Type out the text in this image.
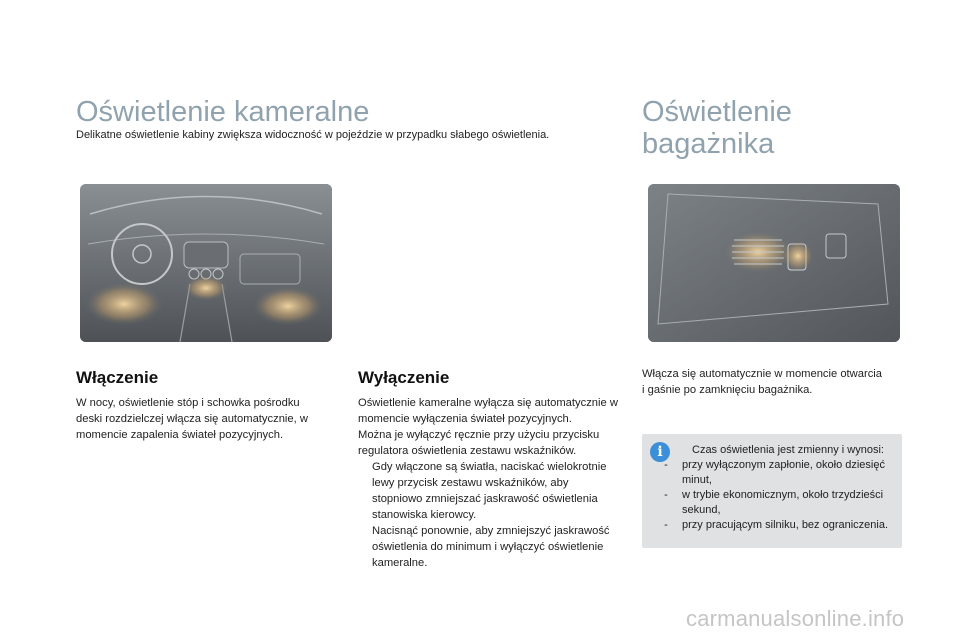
Oświetlenie kameralne
Delikatne oświetlenie kabiny zwiększa widoczność w pojeździe w przypadku słabego oświetlenia.
Oświetlenie
bagażnika
Włączenie
W nocy, oświetlenie stóp i schowka pośrodku deski rozdzielczej włącza się automatycznie, w momencie zapalenia świateł pozycyjnych.
Wyłączenie

Oświetlenie kameralne wyłącza się automatycznie w momencie wyłączenia świateł pozycyjnych.

Można je wyłączyć ręcznie przy użyciu przycisku regulatora oświetlenia zestawu wskaźników.

Gdy włączone są światła, naciskać wielokrotnie lewy przycisk zestawu wskaźników, aby stopniowo zmniejszać jaskrawość oświetlenia stanowiska kierowcy.
Nacisnąć ponownie, aby zmniejszyć jaskrawość oświetlenia do minimum i wyłączyć oświetlenie kameralne.
Włącza się automatycznie w momencie otwarcia i gaśnie po zamknięciu bagażnika.
i	Czas oświetlenia jest zmienny i wynosi:
-	przy wyłączonym zapłonie, około dziesięć minut,
-	w trybie ekonomicznym, około trzydzieści sekund,
-	przy pracującym silniku, bez ograniczenia.
carmanualsonline.info
